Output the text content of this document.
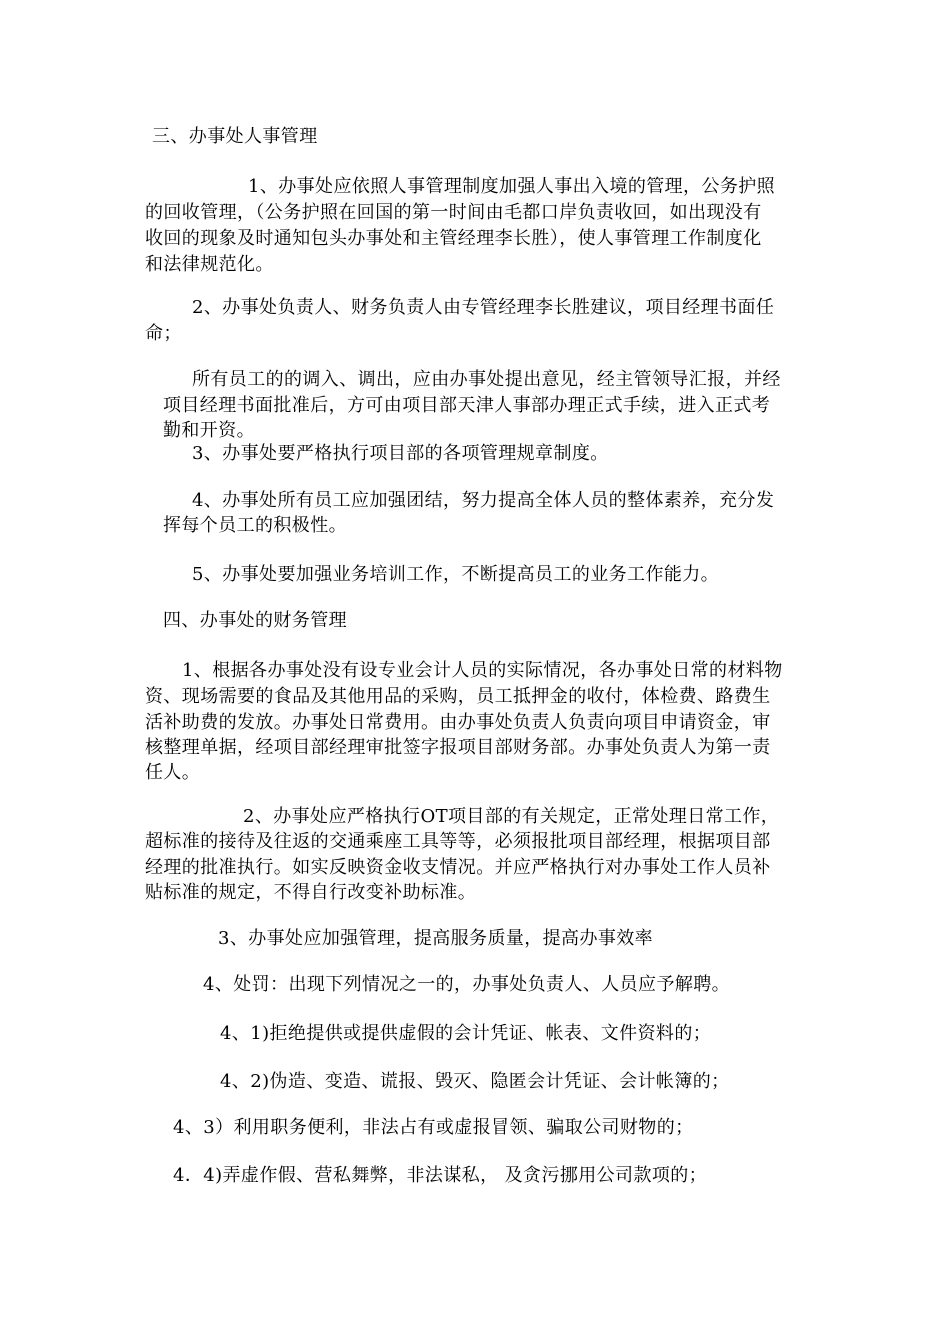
三、办事处人事管理
1、办事处应依照人事管理制度加强人事出入境的管理，公务护照
的回收管理，（公务护照在回国的第一时间由毛都口岸负责收回，如出现没有
收回的现象及时通知包头办事处和主管经理李长胜），使人事管理工作制度化
和法律规范化。
2、办事处负责人、财务负责人由专管经理李长胜建议，项目经理书面任
命；
所有员工的的调入、调出，应由办事处提出意见，经主管领导汇报，并经
项目经理书面批准后，方可由项目部天津人事部办理正式手续，进入正式考
勤和开资。
3、办事处要严格执行项目部的各项管理规章制度。
4、办事处所有员工应加强团结，努力提高全体人员的整体素养，充分发
挥每个员工的积极性。
5、办事处要加强业务培训工作，不断提高员工的业务工作能力。
四、办事处的财务管理
1、根据各办事处没有设专业会计人员的实际情况，各办事处日常的材料物
资、现场需要的食品及其他用品的采购，员工抵押金的收付，体检费、路费生
活补助费的发放。办事处日常费用。由办事处负责人负责向项目申请资金，审
核整理单据，经项目部经理审批签字报项目部财务部。办事处负责人为第一责
任人。
2、办事处应严格执行OT项目部的有关规定，正常处理日常工作，
超标准的接待及往返的交通乘座工具等等，必须报批项目部经理，根据项目部
经理的批准执行。如实反映资金收支情况。并应严格执行对办事处工作人员补
贴标准的规定，不得自行改变补助标准。
3、办事处应加强管理，提高服务质量，提高办事效率
4、处罚：出现下列情况之一的，办事处负责人、人员应予解聘。
4、1)拒绝提供或提供虚假的会计凭证、帐表、文件资料的；
4、2)伪造、变造、谎报、毁灭、隐匿会计凭证、会计帐簿的；
4、3）利用职务便利，非法占有或虚报冒领、骗取公司财物的；
4．4)弄虚作假、营私舞弊，非法谋私， 及贪污挪用公司款项的；
